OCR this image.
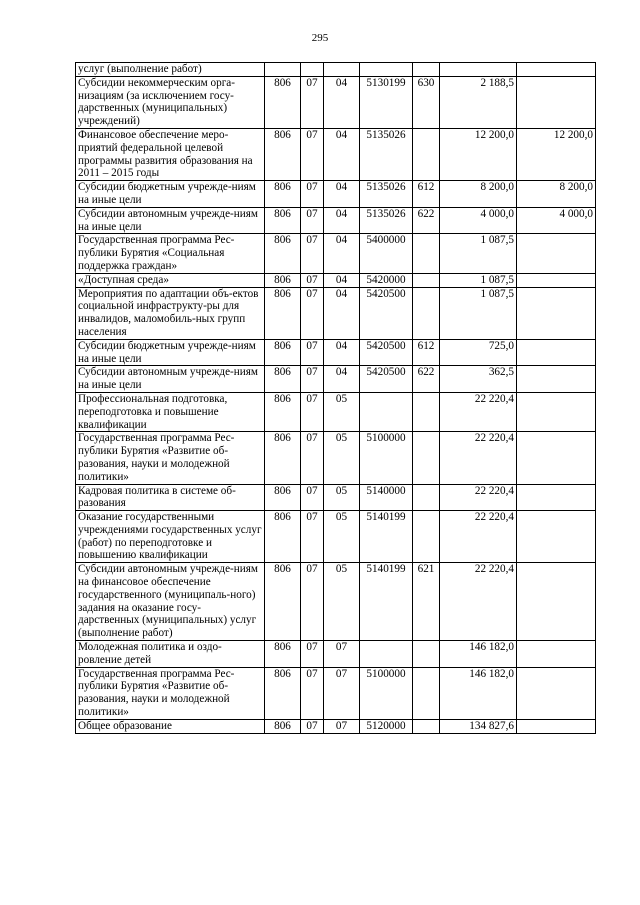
295
услуг (выполнение работ)							
Субсидии некоммерческим орга-низациям (за исключением госу-дарственных (муниципальных) учреждений)	806	07	04	5130199	630	2 188,5	
Финансовое обеспечение меро-приятий федеральной целевой программы развития образования на 2011 – 2015 годы	806	07	04	5135026		12 200,0	12 200,0
Субсидии бюджетным учрежде-ниям на иные цели	806	07	04	5135026	612	8 200,0	8 200,0
Субсидии автономным учрежде-ниям на иные цели	806	07	04	5135026	622	4 000,0	4 000,0
Государственная программа Рес-публики Бурятия «Социальная поддержка граждан»	806	07	04	5400000		1 087,5	
«Доступная среда»	806	07	04	5420000		1 087,5	
Мероприятия по адаптации объ-ектов социальной инфраструкту-ры для инвалидов, маломобиль-ных групп населения	806	07	04	5420500		1 087,5	
Субсидии бюджетным учрежде-ниям на иные цели	806	07	04	5420500	612	725,0	
Субсидии автономным учрежде-ниям на иные цели	806	07	04	5420500	622	362,5	
Профессиональная подготовка, переподготовка и повышение квалификации	806	07	05			22 220,4	
Государственная программа Рес-публики Бурятия «Развитие об-разования, науки и молодежной политики»	806	07	05	5100000		22 220,4	
Кадровая политика в системе об-разования	806	07	05	5140000		22 220,4	
Оказание государственными учреждениями государственных услуг (работ) по переподготовке и повышению квалификации	806	07	05	5140199		22 220,4	
Субсидии автономным учрежде-ниям на финансовое обеспечение государственного (муниципаль-ного) задания на оказание госу-дарственных (муниципальных) услуг (выполнение работ)	806	07	05	5140199	621	22 220,4	
Молодежная политика и оздо-ровление детей	806	07	07			146 182,0	
Государственная программа Рес-публики Бурятия «Развитие об-разования, науки и молодежной политики»	806	07	07	5100000		146 182,0	
Общее образование	806	07	07	5120000		134 827,6	
